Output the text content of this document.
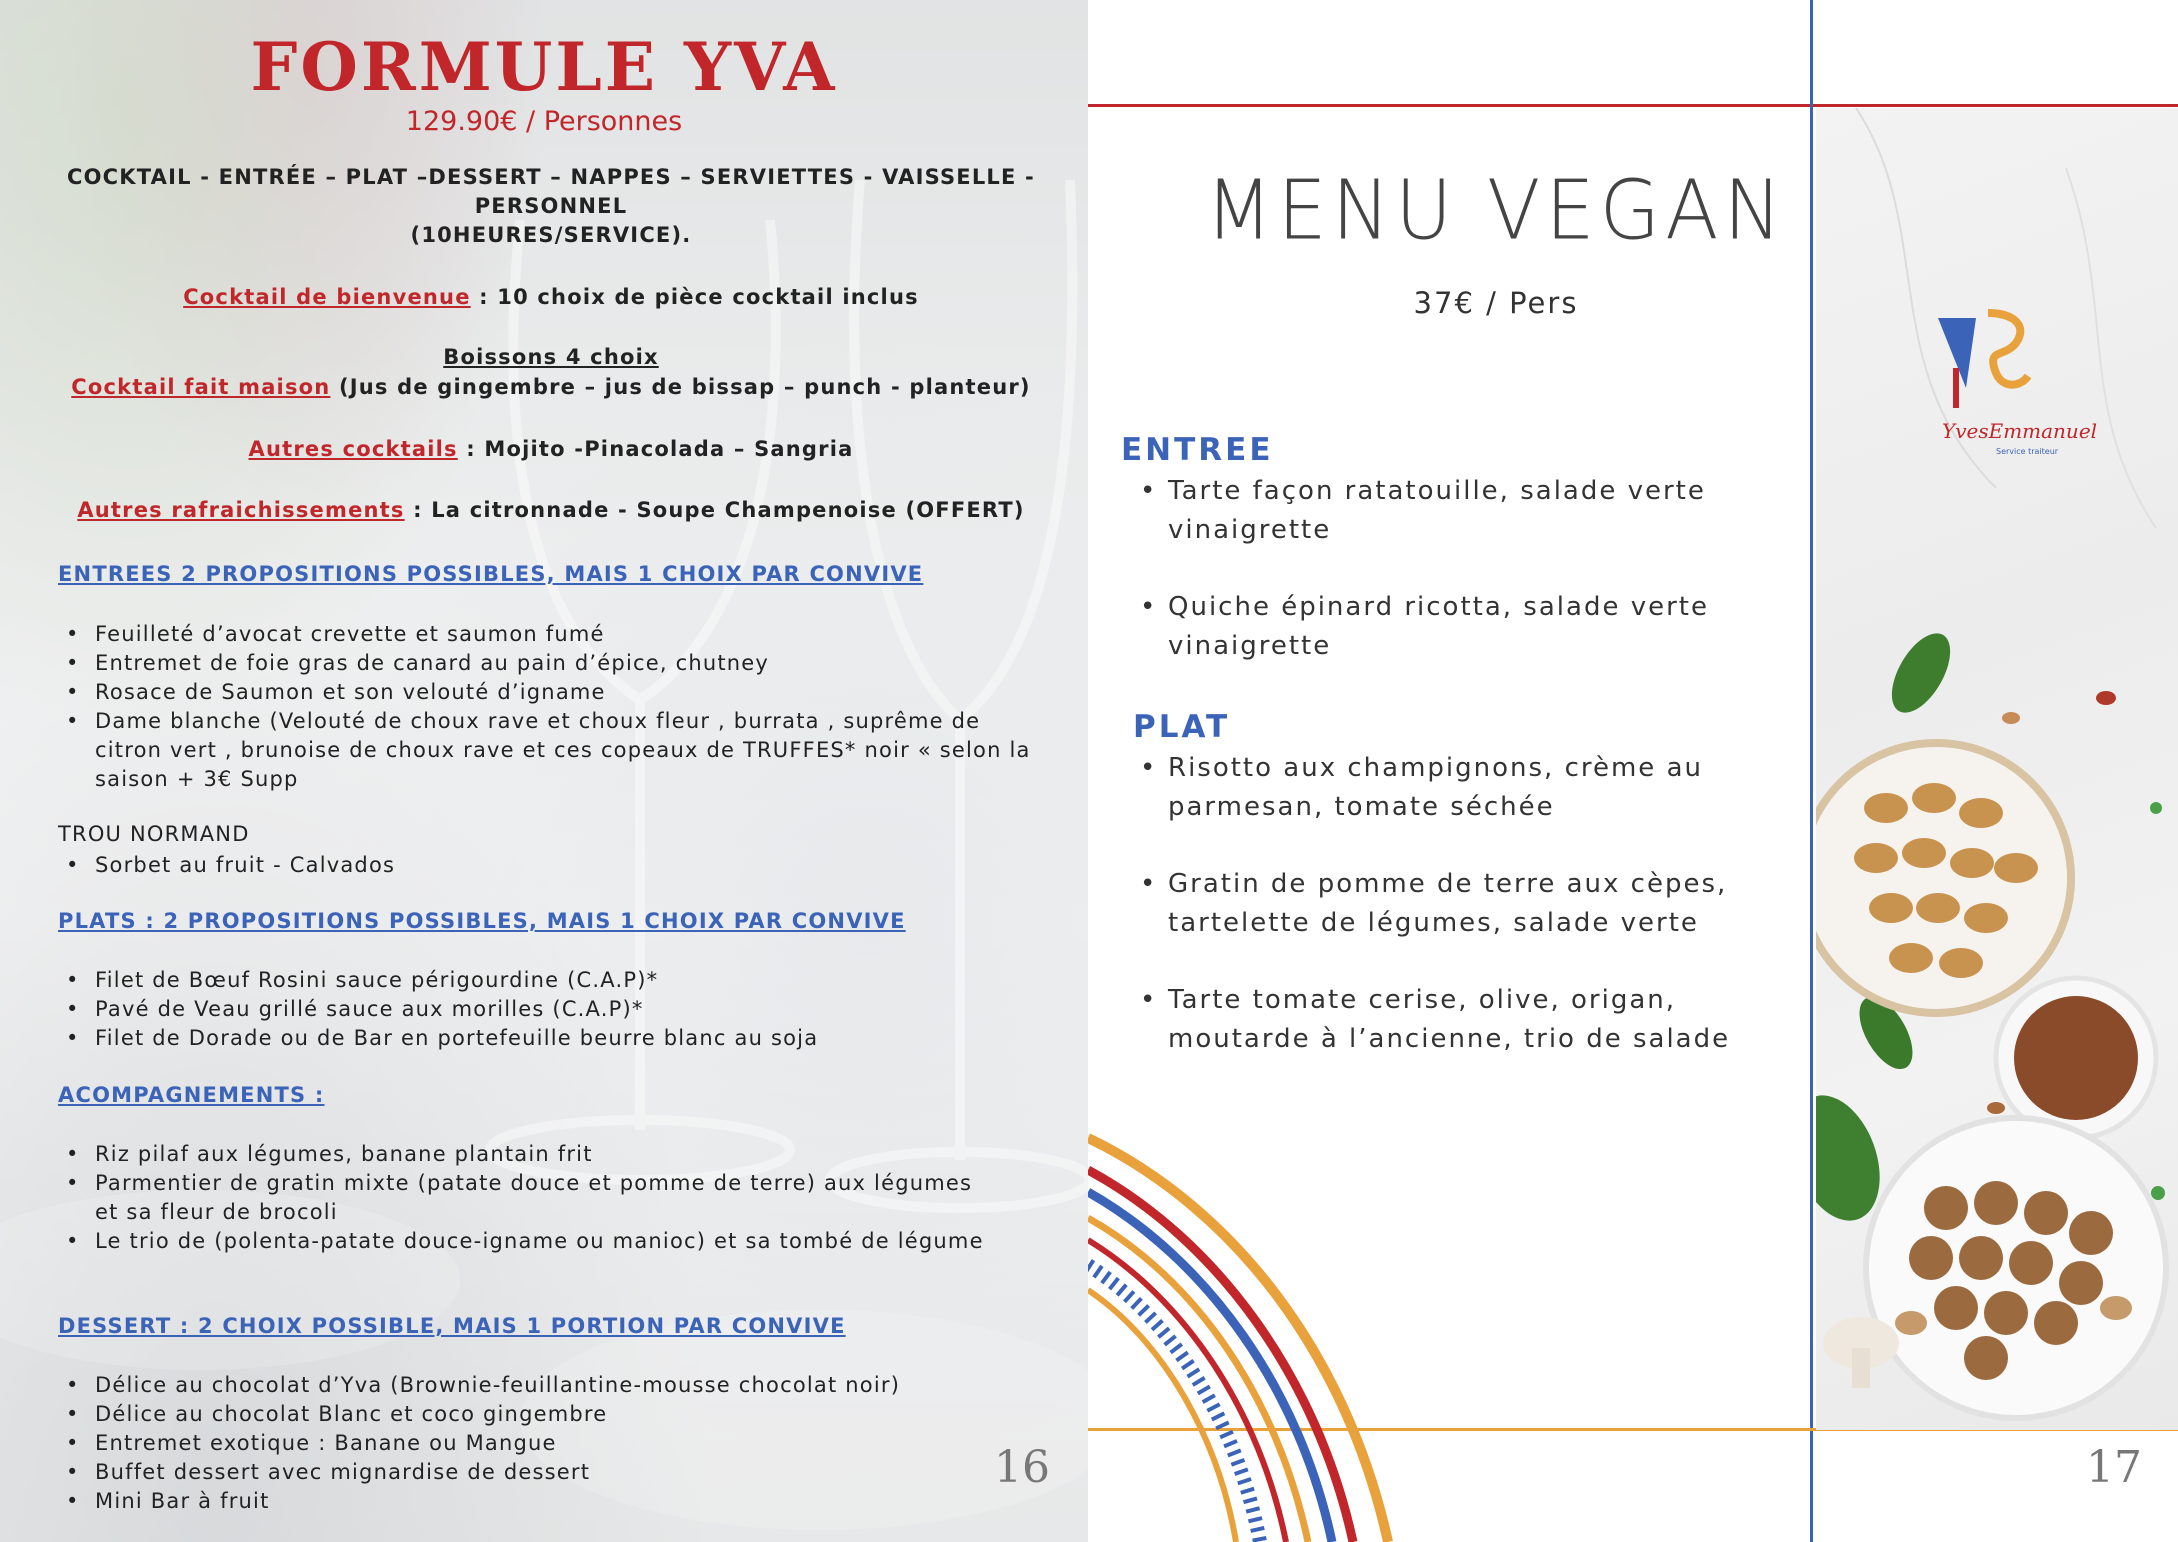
FORMULE YVA
129.90€ / Personnes
COCKTAIL - ENTRÉE – PLAT –DESSERT – NAPPES – SERVIETTES - VAISSELLE -
PERSONNEL
(10HEURES/SERVICE).
Cocktail de bienvenue : 10 choix de pièce cocktail inclus
Boissons 4 choix
Cocktail fait maison (Jus de gingembre – jus de bissap – punch - planteur)
Autres cocktails : Mojito -Pinacolada – Sangria
Autres rafraichissements : La citronnade - Soupe Champenoise (OFFERT)
ENTREES 2 PROPOSITIONS POSSIBLES, MAIS 1 CHOIX PAR CONVIVE
• Feuilleté d’avocat crevette et saumon fumé
• Entremet de foie gras de canard au pain d’épice, chutney
• Rosace de Saumon et son velouté d’igname
• Dame blanche (Velouté de choux rave et choux fleur , burrata , suprême de citron vert , brunoise de choux rave et ces copeaux de TRUFFES* noir « selon la saison + 3€ Supp
TROU NORMAND
• Sorbet au fruit - Calvados
PLATS : 2 PROPOSITIONS POSSIBLES, MAIS 1 CHOIX PAR CONVIVE
• Filet de Bœuf Rosini sauce périgourdine (C.A.P)*
• Pavé de Veau grillé sauce aux morilles (C.A.P)*
• Filet de Dorade ou de Bar en portefeuille beurre blanc au soja
ACOMPAGNEMENTS :
• Riz pilaf aux légumes, banane plantain frit
• Parmentier de gratin mixte (patate douce et pomme de terre) aux légumes et sa fleur de brocoli
• Le trio de (polenta-patate douce-igname ou manioc) et sa tombé de légume
DESSERT : 2 CHOIX POSSIBLE, MAIS 1 PORTION PAR CONVIVE
• Délice au chocolat d’Yva (Brownie-feuillantine-mousse chocolat noir)
• Délice au chocolat Blanc et coco gingembre
• Entremet exotique : Banane ou Mangue
• Buffet dessert avec mignardise de dessert
• Mini Bar à fruit
16
MENU VEGAN
37€ / Pers
ENTREE
• Tarte façon ratatouille, salade verte vinaigrette
• Quiche épinard ricotta, salade verte vinaigrette
PLAT
• Risotto aux champignons, crème au parmesan, tomate séchée
• Gratin de pomme de terre aux cèpes, tartelette de légumes, salade verte
• Tarte tomate cerise, olive, origan, moutarde à l’ancienne, trio de salade
YvesEmmanuel
Service traiteur
17
